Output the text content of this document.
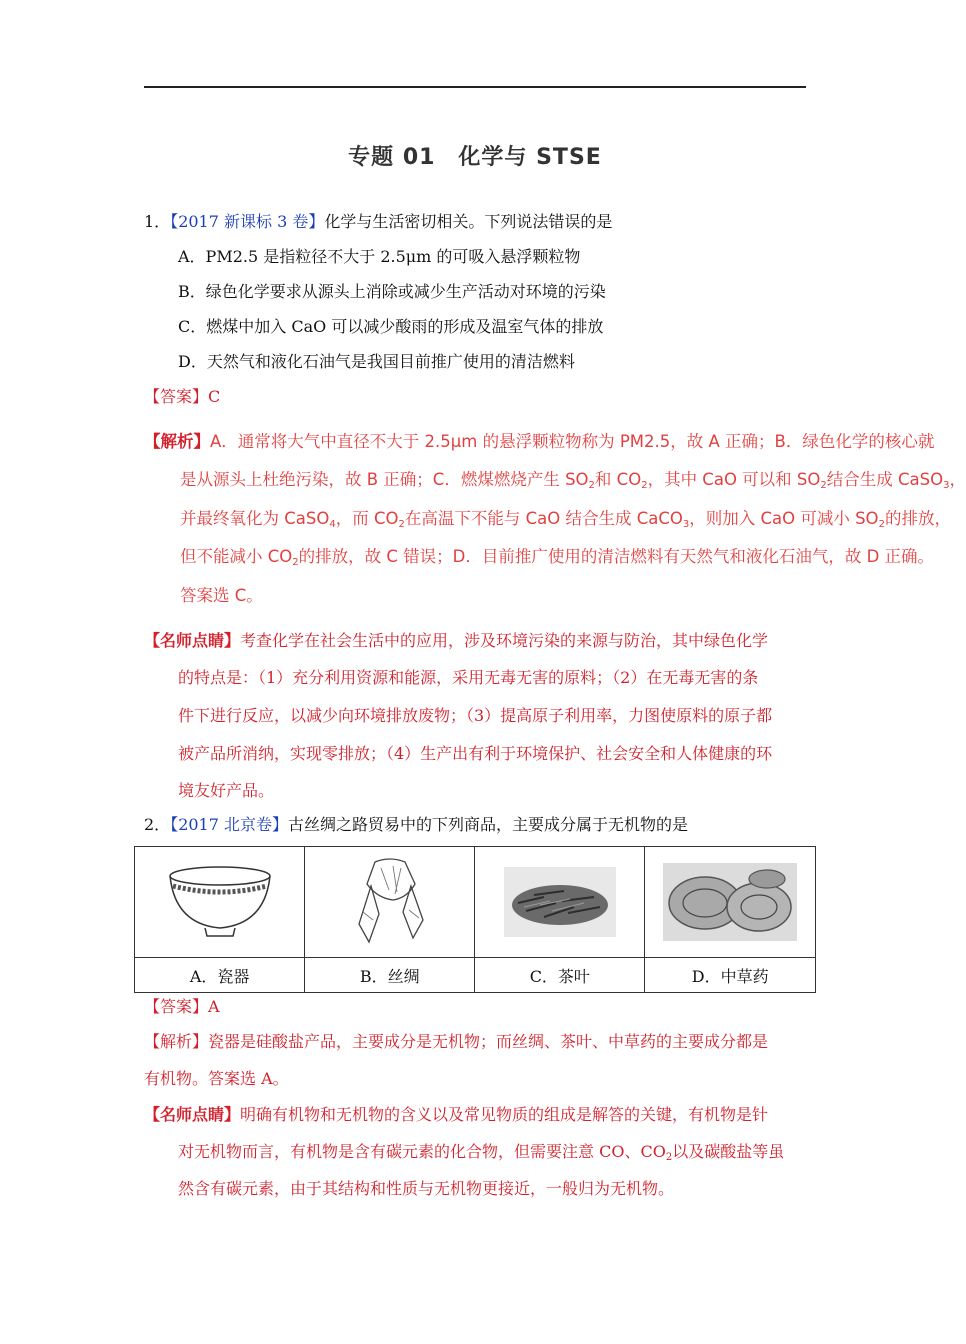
专题 01　化学与 STSE
1．【2017 新课标 3 卷】化学与生活密切相关。下列说法错误的是
A．PM2.5 是指粒径不大于 2.5μm 的可吸入悬浮颗粒物
B．绿色化学要求从源头上消除或减少生产活动对环境的污染
C．燃煤中加入 CaO 可以减少酸雨的形成及温室气体的排放
D．天然气和液化石油气是我国目前推广使用的清洁燃料
【答案】C
【解析】A．通常将大气中直径不大于 2.5μm 的悬浮颗粒物称为 PM2.5，故 A 正确；B．绿色化学的核心就
是从源头上杜绝污染，故 B 正确；C．燃煤燃烧产生 $SO_2$和 $CO_2$，其中 CaO 可以和 $SO_2$结合生成 CaSO$_3$，
并最终氧化为 CaSO$_4$，而 $CO_2$在高温下不能与 CaO 结合生成 CaCO$_3$，则加入 CaO 可减小 $SO_2$的排放，
但不能减小 $CO_2$的排放，故 C 错误；D．目前推广使用的清洁燃料有天然气和液化石油气，故 D 正确。
答案选 C。
【名师点睛】考查化学在社会生活中的应用，涉及环境污染的来源与防治，其中绿色化学
的特点是：（1）充分利用资源和能源，采用无毒无害的原料；（2）在无毒无害的条
件下进行反应，以减少向环境排放废物；（3）提高原子利用率，力图使原料的原子都
被产品所消纳，实现零排放；（4）生产出有利于环境保护、社会安全和人体健康的环
境友好产品。
2．【2017 北京卷】古丝绸之路贸易中的下列商品，主要成分属于无机物的是

A．瓷器	B．丝绸	C．茶叶	D．中草药
【答案】A
【解析】瓷器是硅酸盐产品，主要成分是无机物；而丝绸、茶叶、中草药的主要成分都是
有机物。答案选 A。
【名师点睛】明确有机物和无机物的含义以及常见物质的组成是解答的关键，有机物是针
对无机物而言，有机物是含有碳元素的化合物，但需要注意 CO、$CO_2$以及碳酸盐等虽
然含有碳元素，由于其结构和性质与无机物更接近，一般归为无机物。
